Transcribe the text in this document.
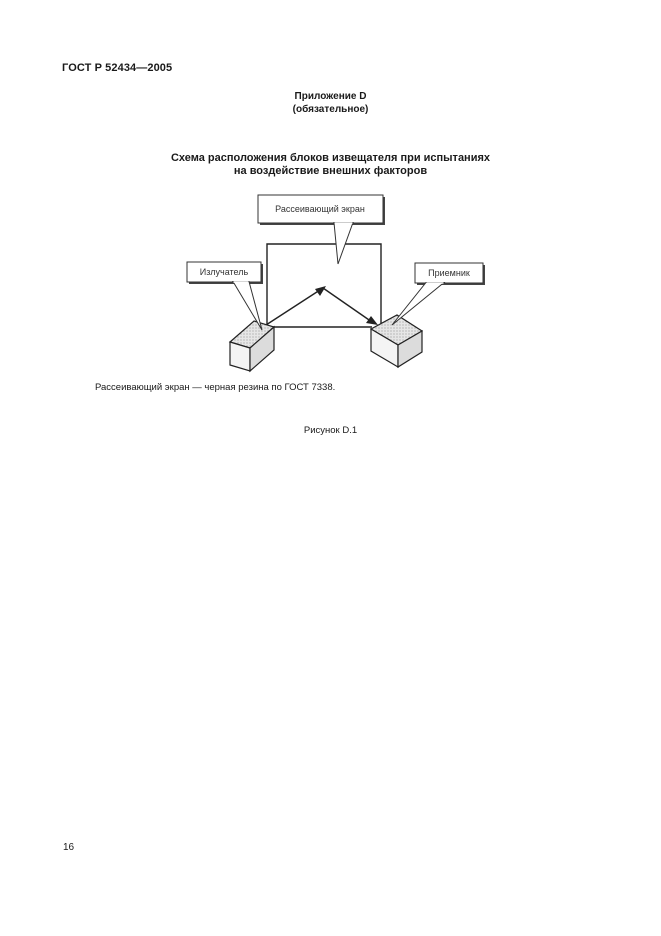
ГОСТ Р 52434—2005
Приложение D
(обязательное)
Схема расположения блоков извещателя при испытаниях
на воздействие внешних факторов
Рассеивающий экран
Излучатель	Приемник
Рассеивающий экран — черная резина по ГОСТ 7338.
Рисунок D.1
16
